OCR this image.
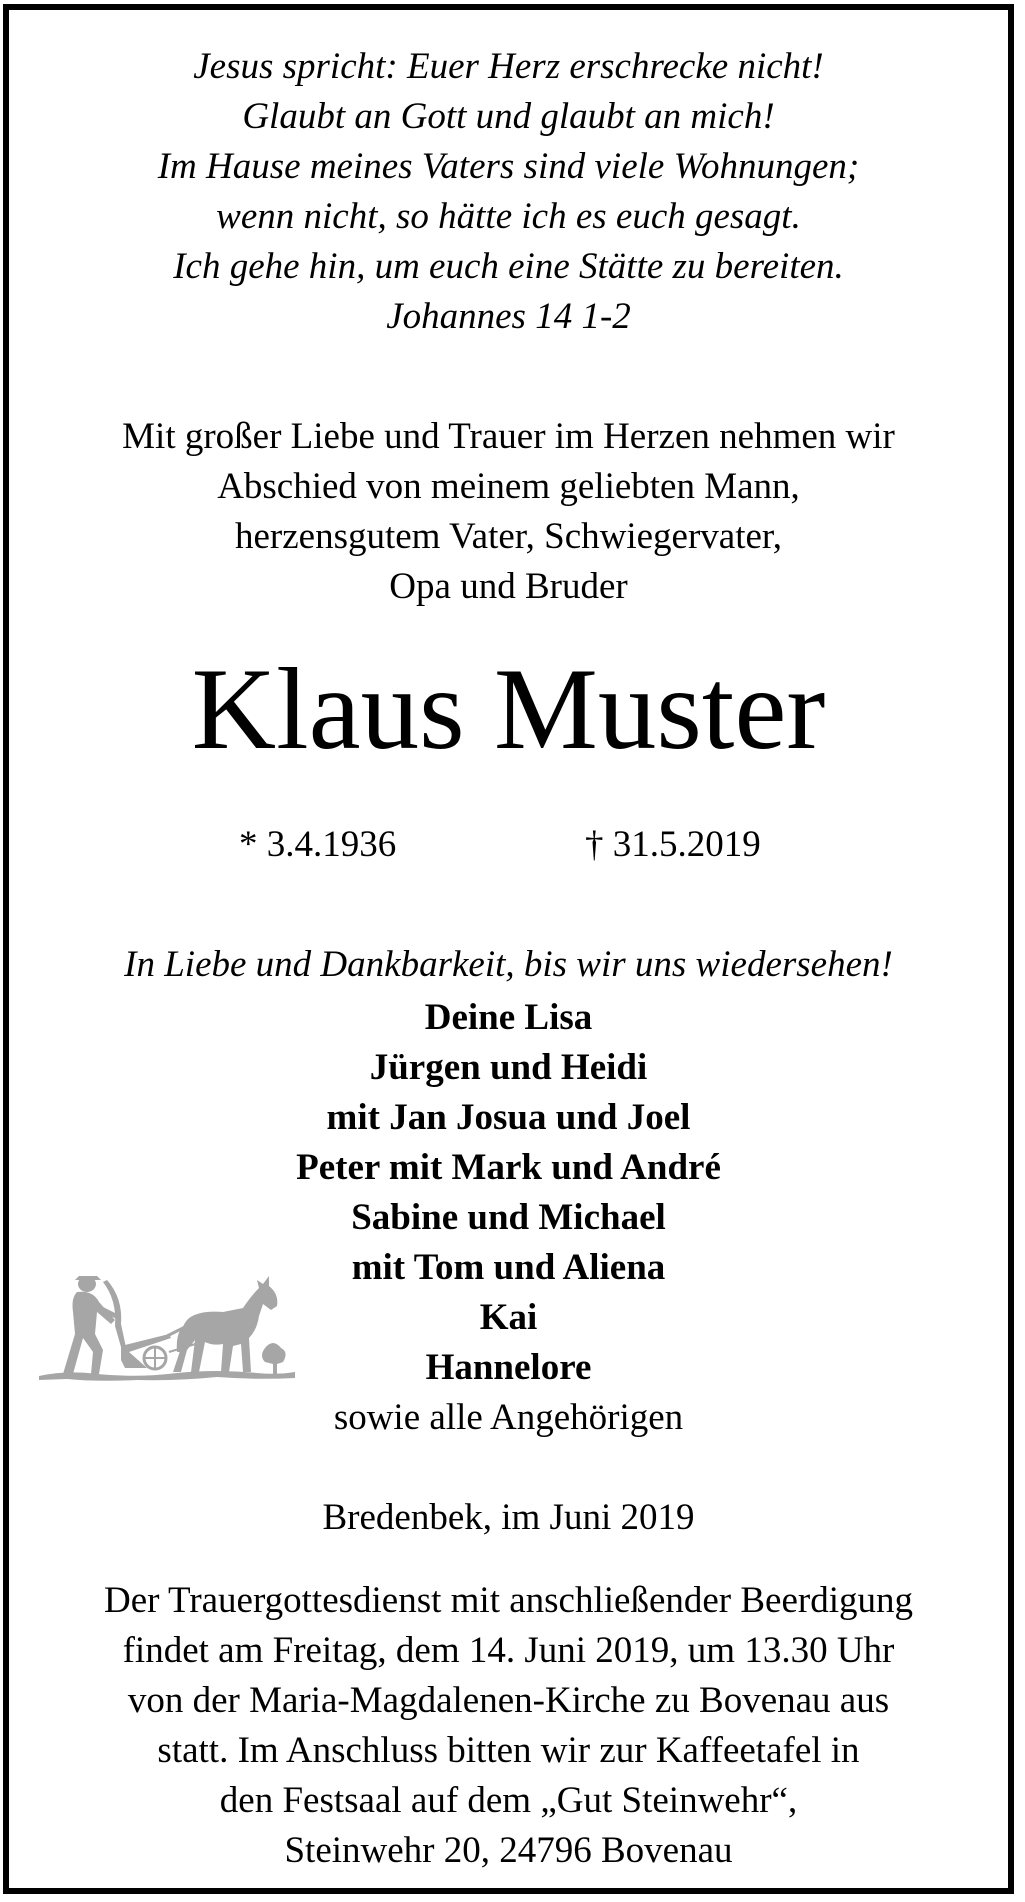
Jesus spricht: Euer Herz erschrecke nicht!
Glaubt an Gott und glaubt an mich!
Im Hause meines Vaters sind viele Wohnungen;
wenn nicht, so hätte ich es euch gesagt.
Ich gehe hin, um euch eine Stätte zu bereiten.
Johannes 14 1-2
Mit großer Liebe und Trauer im Herzen nehmen wir
Abschied von meinem geliebten Mann,
herzensgutem Vater, Schwiegervater,
Opa und Bruder
Klaus Muster
* 3.4.1936	† 31.5.2019
In Liebe und Dankbarkeit, bis wir uns wiedersehen!
Deine Lisa
Jürgen und Heidi
mit Jan Josua und Joel
Peter mit Mark und André
Sabine und Michael
mit Tom und Aliena
Kai
Hannelore
sowie alle Angehörigen
Bredenbek, im Juni 2019
Der Trauergottesdienst mit anschließender Beerdigung
findet am Freitag, dem 14. Juni 2019, um 13.30 Uhr
von der Maria-Magdalenen-Kirche zu Bovenau aus
statt. Im Anschluss bitten wir zur Kaffeetafel in
den Festsaal auf dem „Gut Steinwehr“,
Steinwehr 20, 24796 Bovenau
